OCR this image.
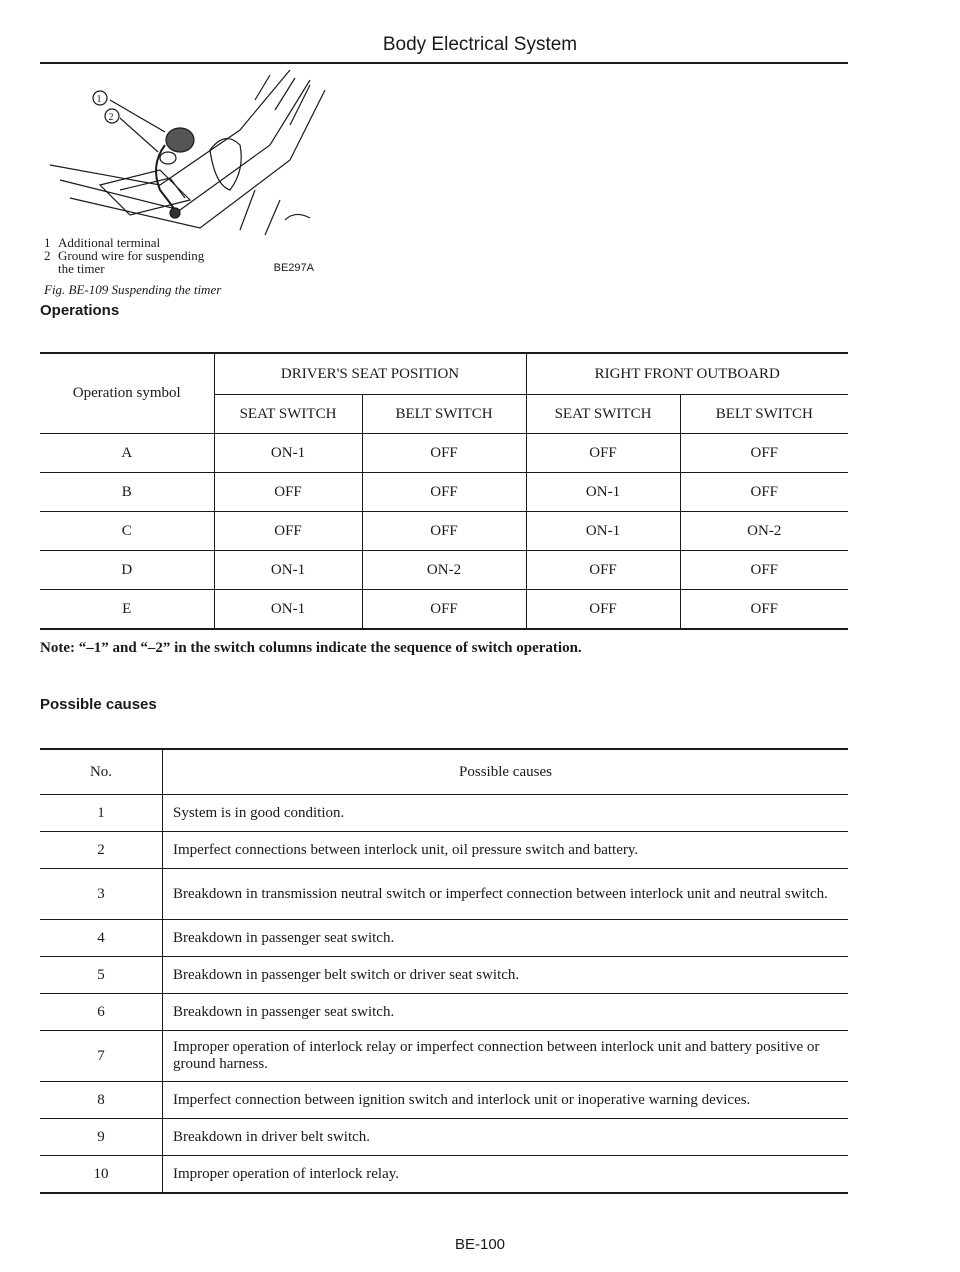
Body Electrical System
1
2
1 Additional terminal
2 Ground wire for suspending
the timer	BE297A
Fig. BE-109 Suspending the timer
Operations
Operation symbol	DRIVER'S SEAT POSITION		RIGHT FRONT OUTBOARD	
	SEAT SWITCH	BELT SWITCH	SEAT SWITCH	BELT SWITCH
A	ON-1	OFF	OFF	OFF
B	OFF	OFF	ON-1	OFF
C	OFF	OFF	ON-1	ON-2
D	ON-1	ON-2	OFF	OFF
E	ON-1	OFF	OFF	OFF
Note: “–1” and “–2” in the switch columns indicate the sequence of switch operation.
Possible causes
No.	Possible causes
1	System is in good condition.
2	Imperfect connections between interlock unit, oil pressure switch and battery.
3	Breakdown in transmission neutral switch or imperfect connection between interlock unit and neutral switch.
4	Breakdown in passenger seat switch.
5	Breakdown in passenger belt switch or driver seat switch.
6	Breakdown in passenger seat switch.
7	Improper operation of interlock relay or imperfect connection between interlock unit and battery positive or ground harness.
8	Imperfect connection between ignition switch and interlock unit or inoperative warning devices.
9	Breakdown in driver belt switch.
10	Improper operation of interlock relay.
BE-100
